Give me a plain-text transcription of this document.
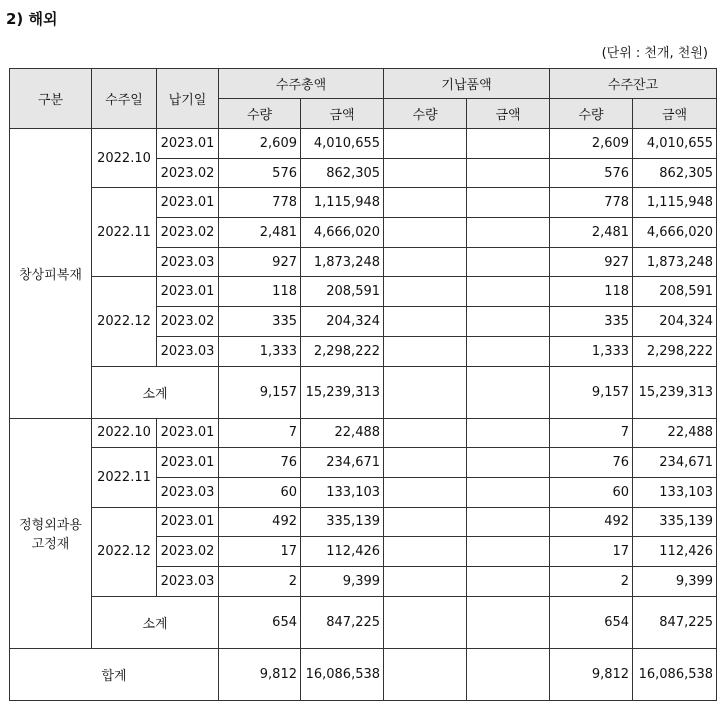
2) 해외
(단위 : 천개, 천원)
구분	수주일	납기일	수주총액		기납품액		수주잔고	
			수량	금액	수량	금액	수량	금액
창상피복재	2022.10	2023.01	2,609	4,010,655			2,609	4,010,655
		2023.02	576	862,305			576	862,305
	2022.11	2023.01	778	1,115,948			778	1,115,948
		2023.02	2,481	4,666,020			2,481	4,666,020
		2023.03	927	1,873,248			927	1,873,248
	2022.12	2023.01	118	208,591			118	208,591
		2023.02	335	204,324			335	204,324
		2023.03	1,333	2,298,222			1,333	2,298,222
	소계		9,157	15,239,313			9,157	15,239,313
정형외과용 고정재	2022.10	2023.01	7	22,488			7	22,488
	2022.11	2023.01	76	234,671			76	234,671
		2023.03	60	133,103			60	133,103
	2022.12	2023.01	492	335,139			492	335,139
		2023.02	17	112,426			17	112,426
		2023.03	2	9,399			2	9,399
	소계		654	847,225			654	847,225
합계			9,812	16,086,538			9,812	16,086,538
